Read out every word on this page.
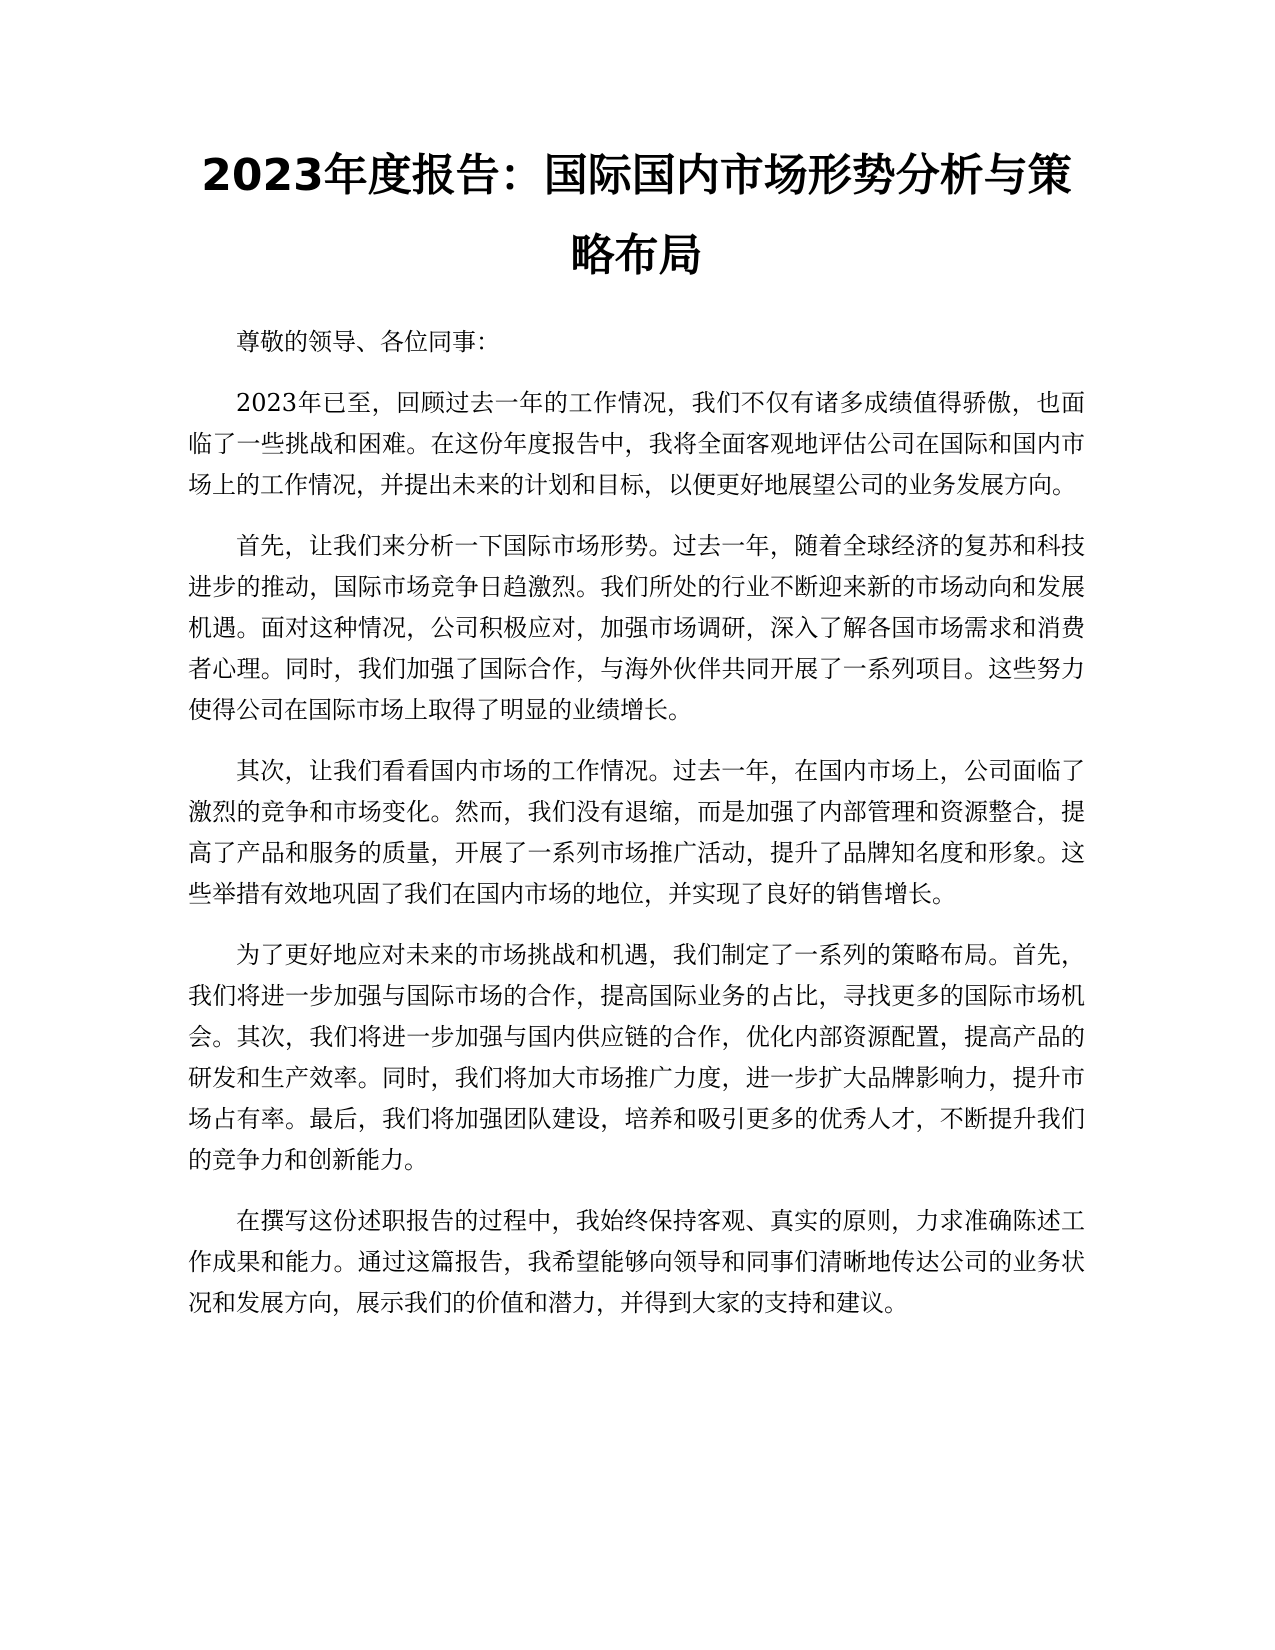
2023年度报告：国际国内市场形势分析与策略布局

尊敬的领导、各位同事：

2023年已至，回顾过去一年的工作情况，我们不仅有诸多成绩值得骄傲，也面临了一些挑战和困难。在这份年度报告中，我将全面客观地评估公司在国际和国内市场上的工作情况，并提出未来的计划和目标，以便更好地展望公司的业务发展方向。

首先，让我们来分析一下国际市场形势。过去一年，随着全球经济的复苏和科技进步的推动，国际市场竞争日趋激烈。我们所处的行业不断迎来新的市场动向和发展机遇。面对这种情况，公司积极应对，加强市场调研，深入了解各国市场需求和消费者心理。同时，我们加强了国际合作，与海外伙伴共同开展了一系列项目。这些努力使得公司在国际市场上取得了明显的业绩增长。

其次，让我们看看国内市场的工作情况。过去一年，在国内市场上，公司面临了激烈的竞争和市场变化。然而，我们没有退缩，而是加强了内部管理和资源整合，提高了产品和服务的质量，开展了一系列市场推广活动，提升了品牌知名度和形象。这些举措有效地巩固了我们在国内市场的地位，并实现了良好的销售增长。

为了更好地应对未来的市场挑战和机遇，我们制定了一系列的策略布局。首先，我们将进一步加强与国际市场的合作，提高国际业务的占比，寻找更多的国际市场机会。其次，我们将进一步加强与国内供应链的合作，优化内部资源配置，提高产品的研发和生产效率。同时，我们将加大市场推广力度，进一步扩大品牌影响力，提升市场占有率。最后，我们将加强团队建设，培养和吸引更多的优秀人才，不断提升我们的竞争力和创新能力。

在撰写这份述职报告的过程中，我始终保持客观、真实的原则，力求准确陈述工作成果和能力。通过这篇报告，我希望能够向领导和同事们清晰地传达公司的业务状况和发展方向，展示我们的价值和潜力，并得到大家的支持和建议。
